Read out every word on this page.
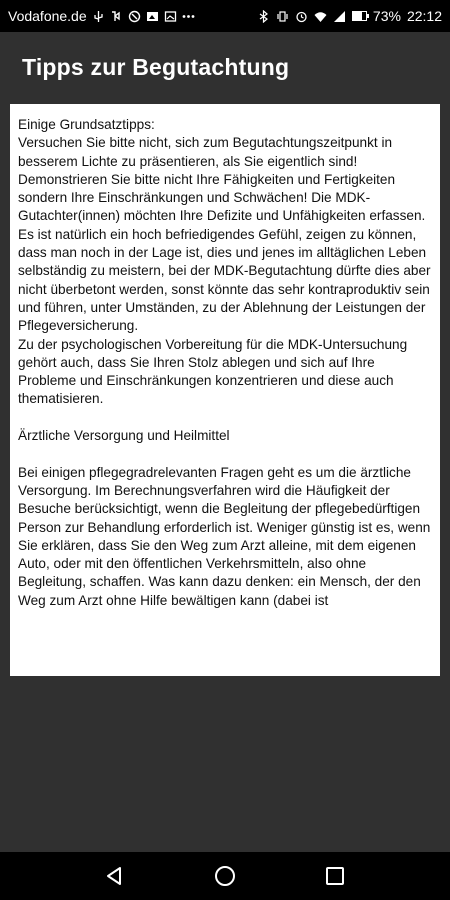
Vodafone.de	73% 22:12
Tipps zur Begutachtung

Einige Grundsatztipps:

Versuchen Sie bitte nicht, sich zum Begutachtungszeitpunkt in besserem Lichte zu präsentieren, als Sie eigentlich sind! Demonstrieren Sie bitte nicht Ihre Fähigkeiten und Fertigkeiten sondern Ihre Einschränkungen und Schwächen! Die MDK-Gutachter(innen) möchten Ihre Defizite und Unfähigkeiten erfassen. Es ist natürlich ein hoch befriedigendes Gefühl, zeigen zu können, dass man noch in der Lage ist, dies und jenes im alltäglichen Leben selbständig zu meistern, bei der MDK-Begutachtung dürfte dies aber nicht überbetont werden, sonst könnte das sehr kontraproduktiv sein und führen, unter Umständen, zu der Ablehnung der Leistungen der Pflegeversicherung.

Zu der psychologischen Vorbereitung für die MDK-Untersuchung gehört auch, dass Sie Ihren Stolz ablegen und sich auf Ihre Probleme und Einschränkungen konzentrieren und diese auch thematisieren.

Ärztliche Versorgung und Heilmittel

Bei einigen pflegegradrelevanten Fragen geht es um die ärztliche Versorgung. Im Berechnungsverfahren wird die Häufigkeit der Besuche berücksichtigt, wenn die Begleitung der pflegebedürftigen Person zur Behandlung erforderlich ist. Weniger günstig ist es, wenn Sie erklären, dass Sie den Weg zum Arzt alleine, mit dem eigenen Auto, oder mit den öffentlichen Verkehrsmitteln, also ohne Begleitung, schaffen. Was kann dazu denken: ein Mensch, der den Weg zum Arzt ohne Hilfe bewältigen kann (dabei ist
